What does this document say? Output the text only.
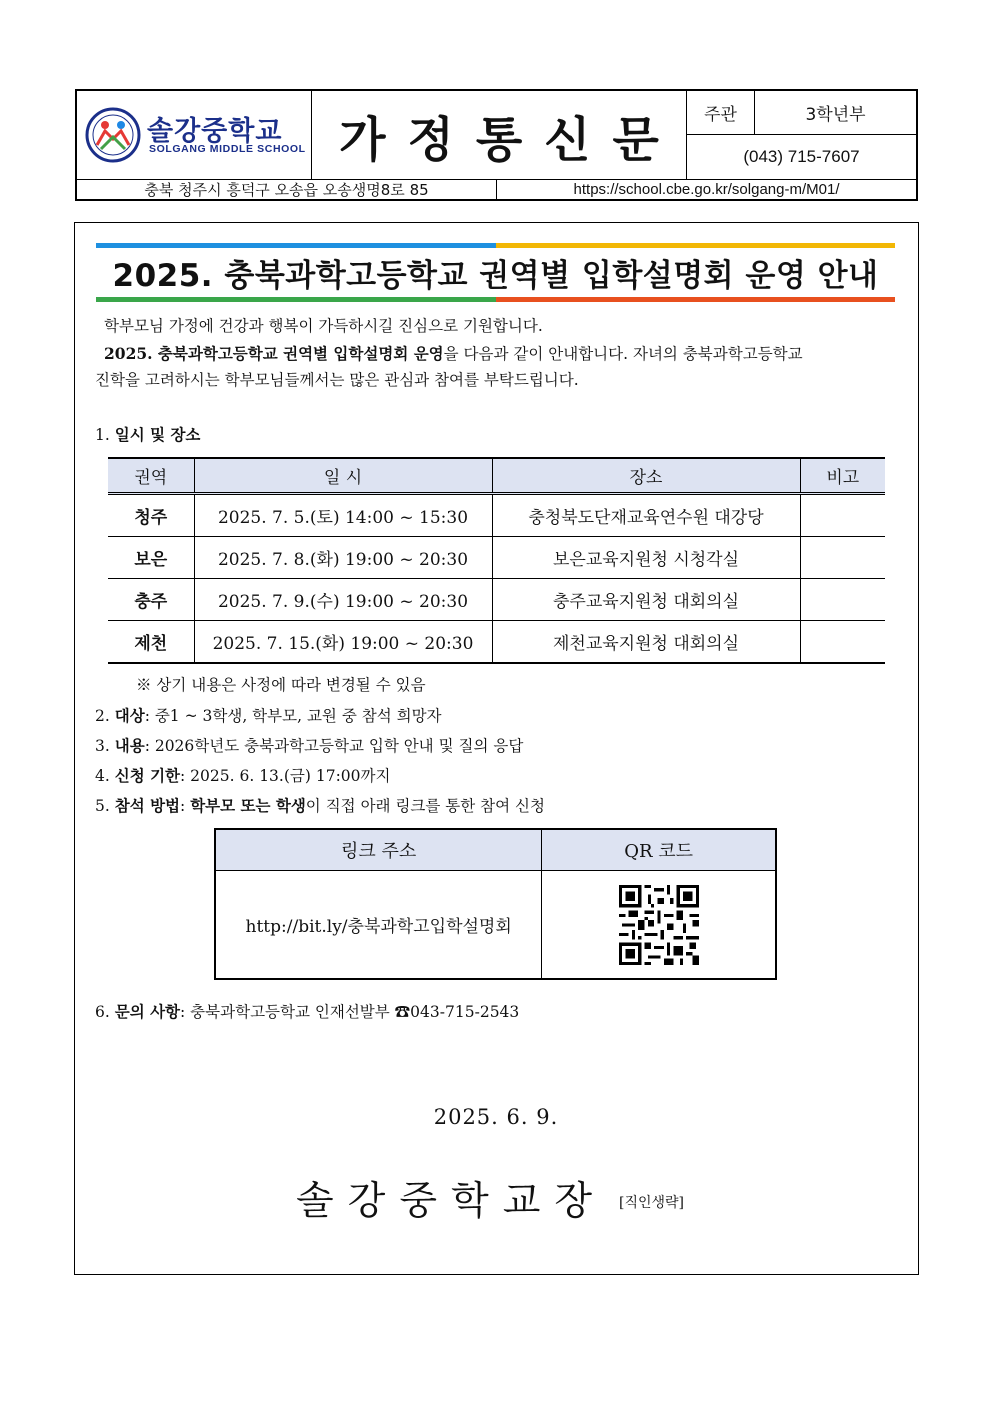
솔강중학교
SOLGANG MIDDLE SCHOOL 가정통신문	주관	3학년부
(043) 715-7607
충북 청주시 흥덕구 오송읍 오송생명8로 85	https://school.cbe.go.kr/solgang-m/M01/
2025. 충북과학고등학교 권역별 입학설명회 운영 안내
학부모님 가정에 건강과 행복이 가득하시길 진심으로 기원합니다.
2025. 충북과학고등학교 권역별 입학설명회 운영을 다음과 같이 안내합니다. 자녀의 충북과학고등학교
진학을 고려하시는 학부모님들께서는 많은 관심과 참여를 부탁드립니다.
1. 일시 및 장소
권역	일 시	장소	비고
청주	2025. 7. 5.(토) 14:00 ~ 15:30	충청북도단재교육연수원 대강당	
보은	2025. 7. 8.(화) 19:00 ~ 20:30	보은교육지원청 시청각실	
충주	2025. 7. 9.(수) 19:00 ~ 20:30	충주교육지원청 대회의실	
제천	2025. 7. 15.(화) 19:00 ~ 20:30	제천교육지원청 대회의실	
※ 상기 내용은 사정에 따라 변경될 수 있음
2. 대상: 중1 ~ 3학생, 학부모, 교원 중 참석 희망자
3. 내용: 2026학년도 충북과학고등학교 입학 안내 및 질의 응답
4. 신청 기한: 2025. 6. 13.(금) 17:00까지
5. 참석 방법: 학부모 또는 학생이 직접 아래 링크를 통한 참여 신청
링크 주소	QR 코드
http://bit.ly/충북과학고입학설명회	
6. 문의 사항: 충북과학고등학교 인재선발부 ☎043-715-2543
2025. 6. 9.
솔강중학교장 [직인생략]
